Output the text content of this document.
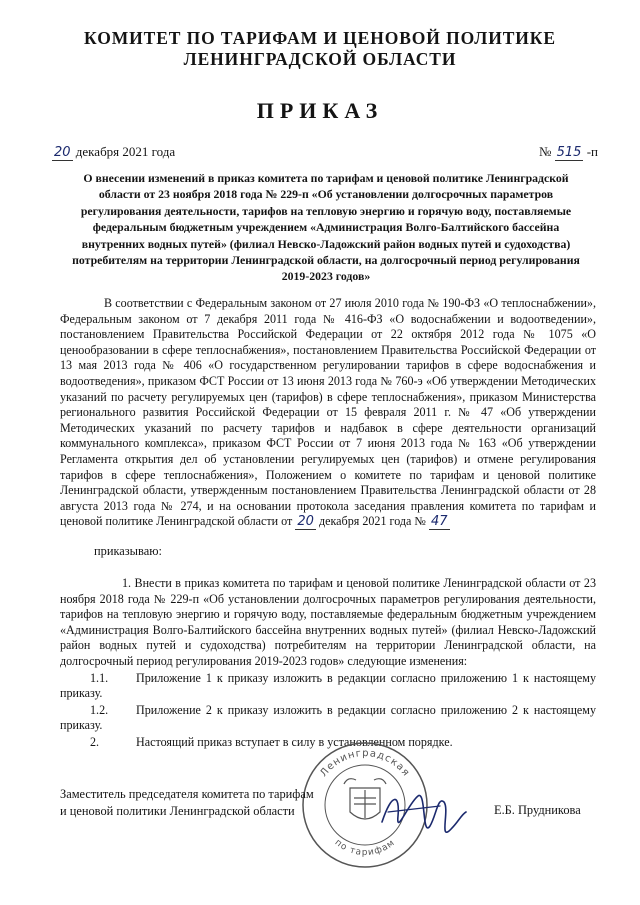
КОМИТЕТ ПО ТАРИФАМ И ЦЕНОВОЙ ПОЛИТИКЕ
ЛЕНИНГРАДСКОЙ ОБЛАСТИ
ПРИКАЗ
20 декабря 2021 года	№ 515 -п
О внесении изменений в приказ комитета по тарифам и ценовой политике Ленинградской области от 23 ноября 2018 года № 229-п «Об установлении долгосрочных параметров регулирования деятельности, тарифов на тепловую энергию и горячую воду, поставляемые федеральным бюджетным учреждением «Администрация Волго-Балтийского бассейна внутренних водных путей» (филиал Невско-Ладожский район водных путей и судоходства) потребителям на территории Ленинградской области, на долгосрочный период регулирования 2019-2023 годов»
В соответствии с Федеральным законом от 27 июля 2010 года № 190-ФЗ «О теплоснабжении», Федеральным законом от 7 декабря 2011 года № 416-ФЗ «О водоснабжении и водоотведении», постановлением Правительства Российской Федерации от 22 октября 2012 года № 1075 «О ценообразовании в сфере теплоснабжения», постановлением Правительства Российской Федерации от 13 мая 2013 года № 406 «О государственном регулировании тарифов в сфере водоснабжения и водоотведения», приказом ФСТ России от 13 июня 2013 года № 760-э «Об утверждении Методических указаний по расчету регулируемых цен (тарифов) в сфере теплоснабжения», приказом Министерства регионального развития Российской Федерации от 15 февраля 2011 г. № 47 «Об утверждении Методических указаний по расчету тарифов и надбавок в сфере деятельности организаций коммунального комплекса», приказом ФСТ России от 7 июня 2013 года № 163 «Об утверждении Регламента открытия дел об установлении регулируемых цен (тарифов) и отмене регулирования тарифов в сфере теплоснабжения», Положением о комитете по тарифам и ценовой политике Ленинградской области, утвержденным постановлением Правительства Ленинградской области от 28 августа 2013 года № 274, и на основании протокола заседания правления комитета по тарифам и ценовой политике Ленинградской области от 20 декабря 2021 года № 47
приказываю:

1. Внести в приказ комитета по тарифам и ценовой политике Ленинградской области от 23 ноября 2018 года № 229-п «Об установлении долгосрочных параметров регулирования деятельности, тарифов на тепловую энергию и горячую воду, поставляемые федеральным бюджетным учреждением «Администрация Волго-Балтийского бассейна внутренних водных путей» (филиал Невско-Ладожский район водных путей и судоходства) потребителям на территории Ленинградской области, на долгосрочный период регулирования 2019-2023 годов» следующие изменения:

1.1. Приложение 1 к приказу изложить в редакции согласно приложению 1 к настоящему приказу.

1.2. Приложение 2 к приказу изложить в редакции согласно приложению 2 к настоящему приказу.

2.	Настоящий приказ вступает в силу в установленном порядке.

Ленинградская
по тарифам
Заместитель председателя комитета по тарифам
и ценовой политики Ленинградской области	Е.Б. Прудникова
